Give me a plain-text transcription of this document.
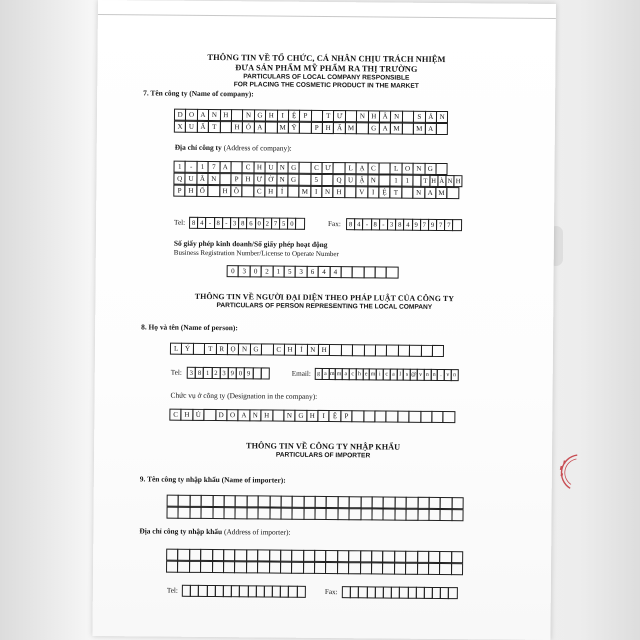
THÔNG TIN VỀ TỔ CHỨC, CÁ NHÂN CHỊU TRÁCH NHIỆM
ĐƯA SẢN PHẨM MỸ PHẨM RA THỊ TRƯỜNG
PARTICULARS OF LOCAL COMPANY RESPONSIBLE
FOR PLACING THE COSMETIC PRODUCT IN THE MARKET
7. Tên công ty (Name of company):
D O A N H	N G H	I	Ệ	P	T Ư	N H Â N	S Ả N
X U Ấ T	H Ó A	M Ỹ	P H Ẩ M	G A M	M A
Địa chỉ công ty (Address of company):
1	-	1	7	A	C H U N G	C Ư	L Ạ C	L O N G
Q U Â N	P H Ư Ờ N G	5	Q U Ậ N	1	1	T H À N H
P H Ố	H Ồ	C H	Í	M	I	N H	V	I	Ệ	T	N A M
Tel:	8 4 - 8 - 3 8 6 0 2 7 5 0	Fax:	8 4 - 8 - 3 8 4 9 7 9 7 7
Số giấy phép kinh doanh/Số giấy phép hoạt động
Business Registration Number/License to Operate Number
0	3	0	2	1	5	3	6	4	4
THÔNG TIN VỀ NGƯỜI ĐẠI DIỆN THEO PHÁP LUẬT CỦA CÔNG TY
PARTICULARS OF PERSON REPRESENTING THE LOCAL COMPANY
8. Họ và tên (Name of person):
L Ý	T R Ọ N G	C H	Í	N H
Tel:	3 8 1 2 3 9 0 9	Email:	g a m m a c h e m i c a l s @ v n n . v n
Chức vụ ở công ty (Designation in the company):
C H Ủ	D O A N H	N G H	I	Ệ	P
THÔNG TIN VỀ CÔNG TY NHẬP KHẨU
PARTICULARS OF IMPORTER
9. Tên công ty nhập khẩu (Name of importer):
Địa chỉ công ty nhập khẩu (Address of importer):
Tel:	Fax:
